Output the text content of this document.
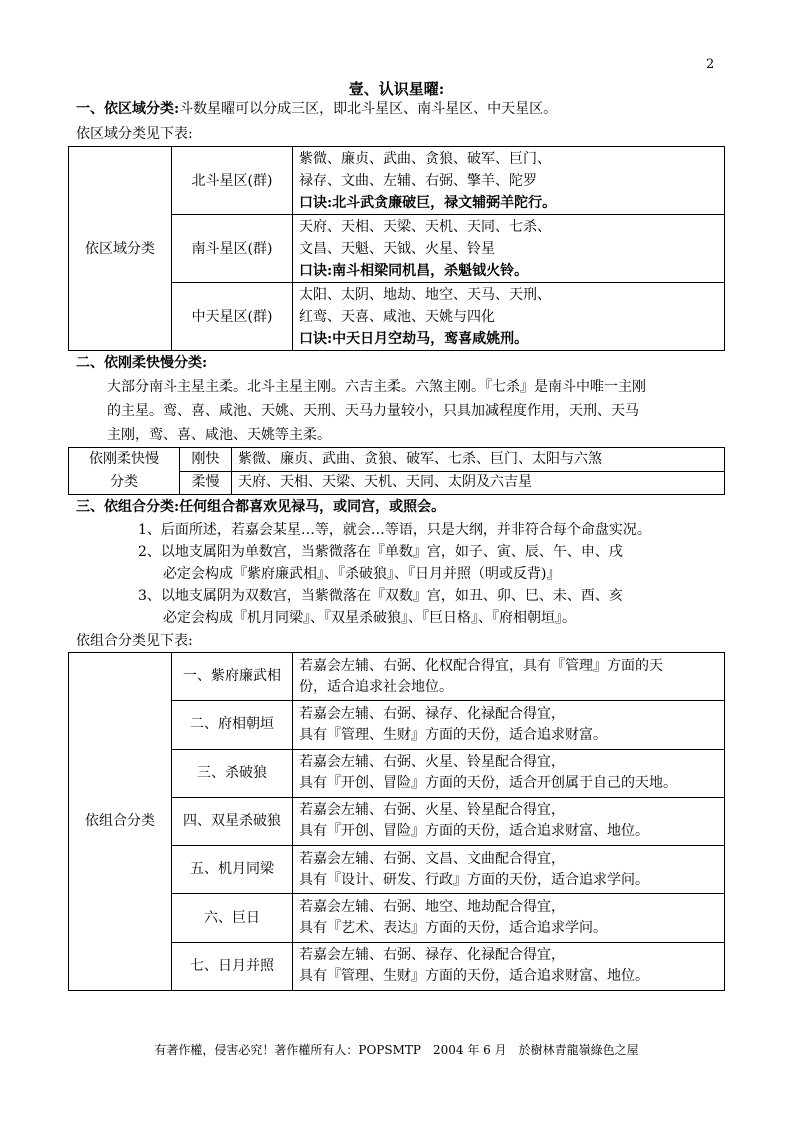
2
壹、认识星曜:
一、依区域分类:斗数星曜可以分成三区，即北斗星区、南斗星区、中天星区。
依区域分类见下表:
依区域分类	北斗星区(群)	紫微、廉贞、武曲、贪狼、破军、巨门、
禄存、文曲、左辅、右弼、擎羊、陀罗
口诀:北斗武贪廉破巨，禄文辅弼羊陀行。

	南斗星区(群)	天府、天相、天梁、天机、天同、七杀、
文昌、天魁、天钺、火星、铃星
口诀:南斗相梁同机昌，杀魁钺火铃。

	中天星区(群)	太阳、太阴、地劫、地空、天马、天刑、
红鸾、天喜、咸池、天姚与四化
口诀:中天日月空劫马，鸾喜咸姚刑。
二、依刚柔快慢分类:
大部分南斗主星主柔。北斗主星主刚。六吉主柔。六煞主刚。『七杀』是南斗中唯一主刚
的主星。鸾、喜、咸池、天姚、天刑、天马力量较小，只具加减程度作用，天刑、天马
主刚，鸾、喜、咸池、天姚等主柔。
依刚柔快慢
分类	刚快	紫微、廉贞、武曲、贪狼、破军、七杀、巨门、太阳与六煞
	柔慢	天府、天相、天梁、天机、天同、太阴及六吉星
三、依组合分类:任何组合都喜欢见禄马，或同宫，或照会。
1、后面所述，若嘉会某星…等，就会…等语，只是大纲，并非符合每个命盘实况。
2、以地支属阳为单数宫，当紫微落在『单数』宫，如子、寅、辰、午、申、戌
必定会构成『紫府廉武相』、『杀破狼』、『日月并照（明或反背)』
3、以地支属阴为双数宫，当紫微落在『双数』宫，如丑、卯、巳、未、酉、亥
必定会构成『机月同梁』、『双星杀破狼』、『巨日格』、『府相朝垣』。
依组合分类见下表:
依组合分类	一、紫府廉武相	若嘉会左辅、右弼、化权配合得宜，具有『管理』方面的天
份，适合追求社会地位。

	二、府相朝垣	若嘉会左辅、右弼、禄存、化禄配合得宜，
具有『管理、生财』方面的天份，适合追求财富。

	三、杀破狼	若嘉会左辅、右弼、火星、铃星配合得宜，
具有『开创、冒险』方面的天份，适合开创属于自己的天地。

	四、双星杀破狼	若嘉会左辅、右弼、火星、铃星配合得宜，
具有『开创、冒险』方面的天份，适合追求财富、地位。

	五、机月同梁	若嘉会左辅、右弼、文昌、文曲配合得宜，
具有『设计、研发、行政』方面的天份，适合追求学问。

	六、巨日	若嘉会左辅、右弼、地空、地劫配合得宜，
具有『艺术、表达』方面的天份，适合追求学问。

	七、日月并照	若嘉会左辅、右弼、禄存、化禄配合得宜，
具有『管理、生财』方面的天份，适合追求财富、地位。
有著作權，侵害必究！著作權所有人：POPSMTP　2004 年 6 月　於樹林青龍嶺綠色之屋
